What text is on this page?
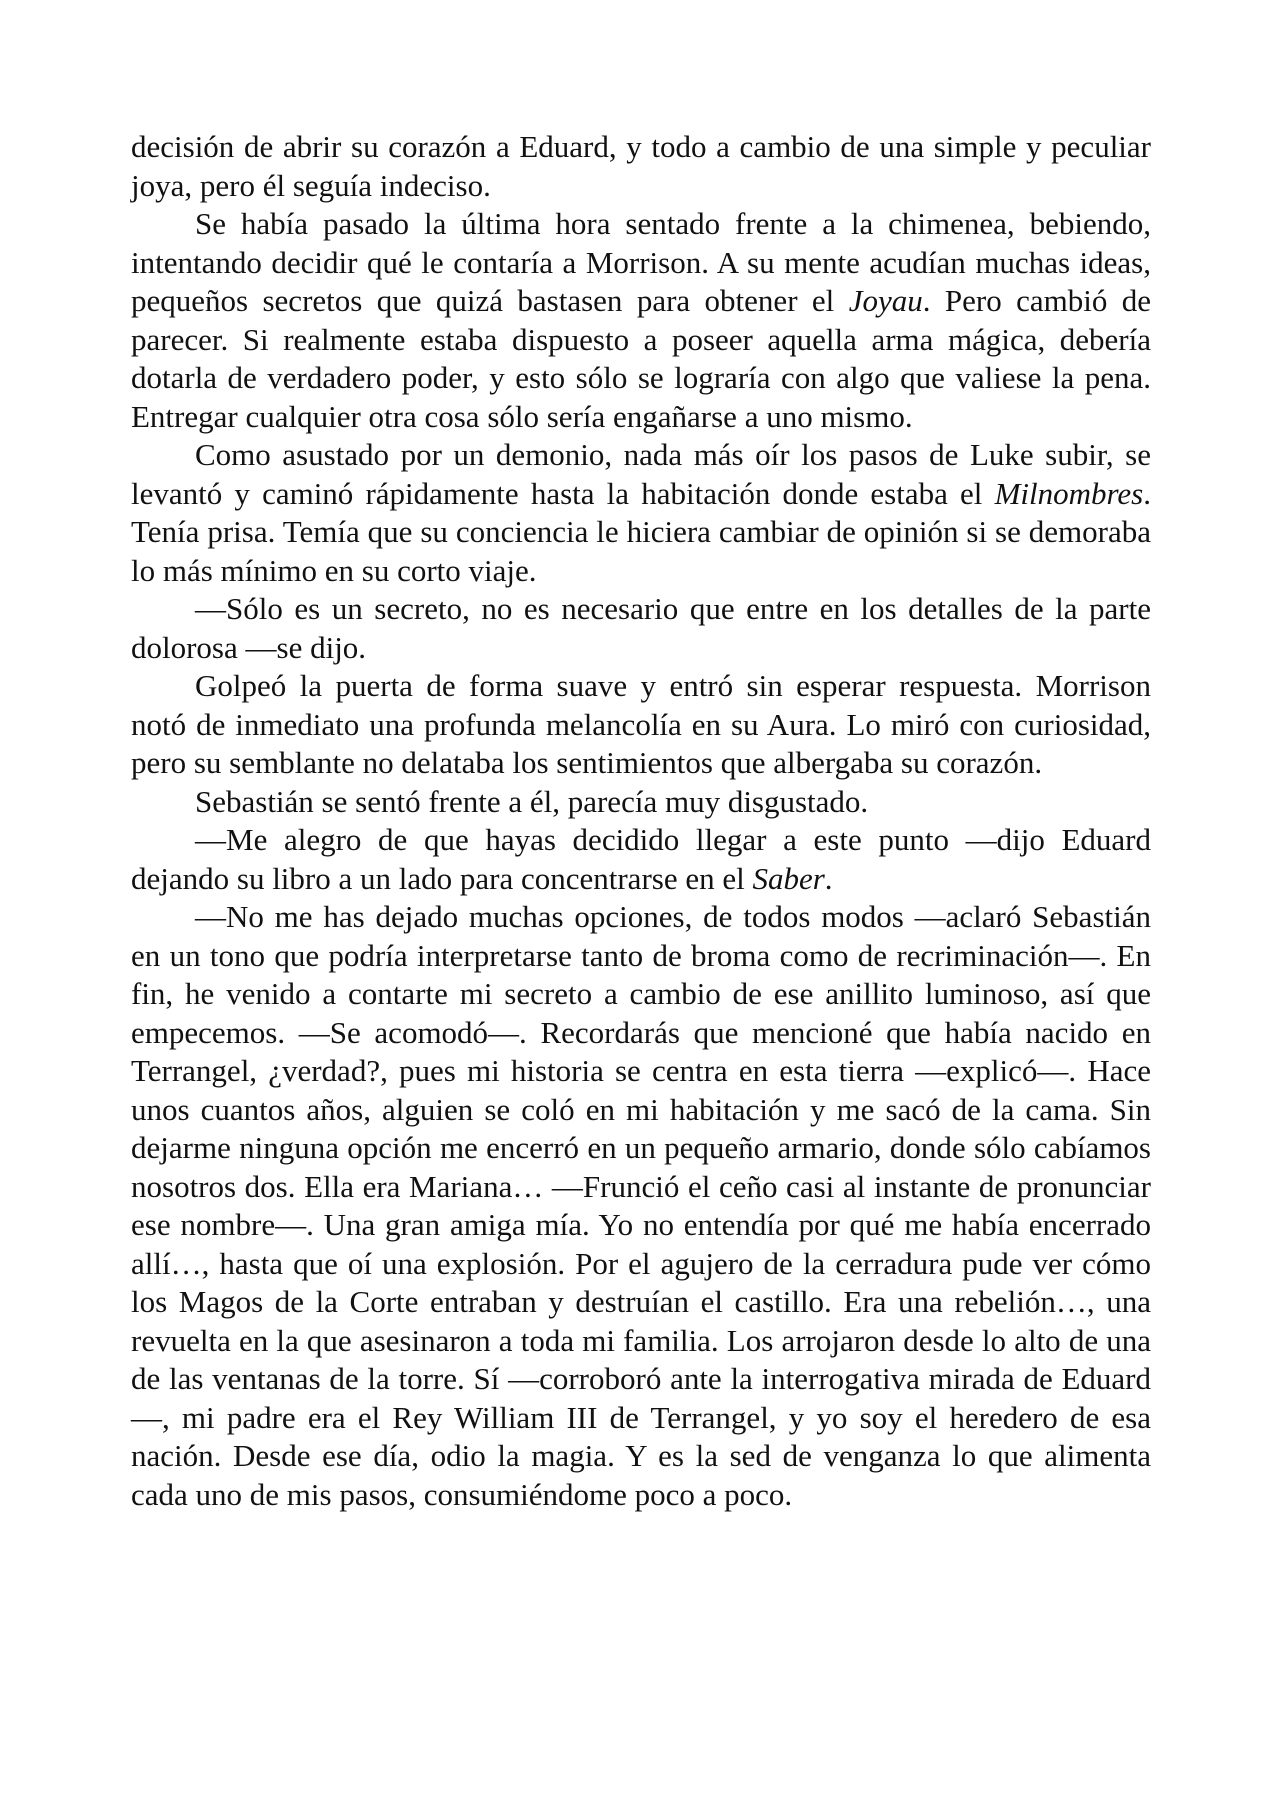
decisión de abrir su corazón a Eduard, y todo a cambio de una simple y peculiar joya, pero él seguía indeciso.

Se había pasado la última hora sentado frente a la chimenea, bebiendo, intentando decidir qué le contaría a Morrison. A su mente acudían muchas ideas, pequeños secretos que quizá bastasen para obtener el Joyau. Pero cambió de parecer. Si realmente estaba dispuesto a poseer aquella arma mágica, debería dotarla de verdadero poder, y esto sólo se lograría con algo que valiese la pena. Entregar cualquier otra cosa sólo sería engañarse a uno mismo.

Como asustado por un demonio, nada más oír los pasos de Luke subir, se levantó y caminó rápidamente hasta la habitación donde estaba el Milnombres. Tenía prisa. Temía que su conciencia le hiciera cambiar de opinión si se demoraba lo más mínimo en su corto viaje.

—Sólo es un secreto, no es necesario que entre en los detalles de la parte dolorosa —se dijo.

Golpeó la puerta de forma suave y entró sin esperar respuesta. Morrison notó de inmediato una profunda melancolía en su Aura. Lo miró con curiosidad, pero su semblante no delataba los sentimientos que albergaba su corazón.

Sebastián se sentó frente a él, parecía muy disgustado.

—Me alegro de que hayas decidido llegar a este punto —dijo Eduard dejando su libro a un lado para concentrarse en el Saber.

—No me has dejado muchas opciones, de todos modos —aclaró Sebastián en un tono que podría interpretarse tanto de broma como de recriminación—. En fin, he venido a contarte mi secreto a cambio de ese anillito luminoso, así que empecemos. —Se acomodó—. Recordarás que mencioné que había nacido en Terrangel, ¿verdad?, pues mi historia se centra en esta tierra —explicó—. Hace unos cuantos años, alguien se coló en mi habitación y me sacó de la cama. Sin dejarme ninguna opción me encerró en un pequeño armario, donde sólo cabíamos nosotros dos. Ella era Mariana… —Frunció el ceño casi al instante de pronunciar ese nombre—. Una gran amiga mía. Yo no entendía por qué me había encerrado allí…, hasta que oí una explosión. Por el agujero de la cerradura pude ver cómo los Magos de la Corte entraban y destruían el castillo. Era una rebelión…, una revuelta en la que asesinaron a toda mi familia. Los arrojaron desde lo alto de una de las ventanas de la torre. Sí —corroboró ante la interrogativa mirada de Eduard—, mi padre era el Rey William III de Terrangel, y yo soy el heredero de esa nación. Desde ese día, odio la magia. Y es la sed de venganza lo que alimenta cada uno de mis pasos, consumiéndome poco a poco.
